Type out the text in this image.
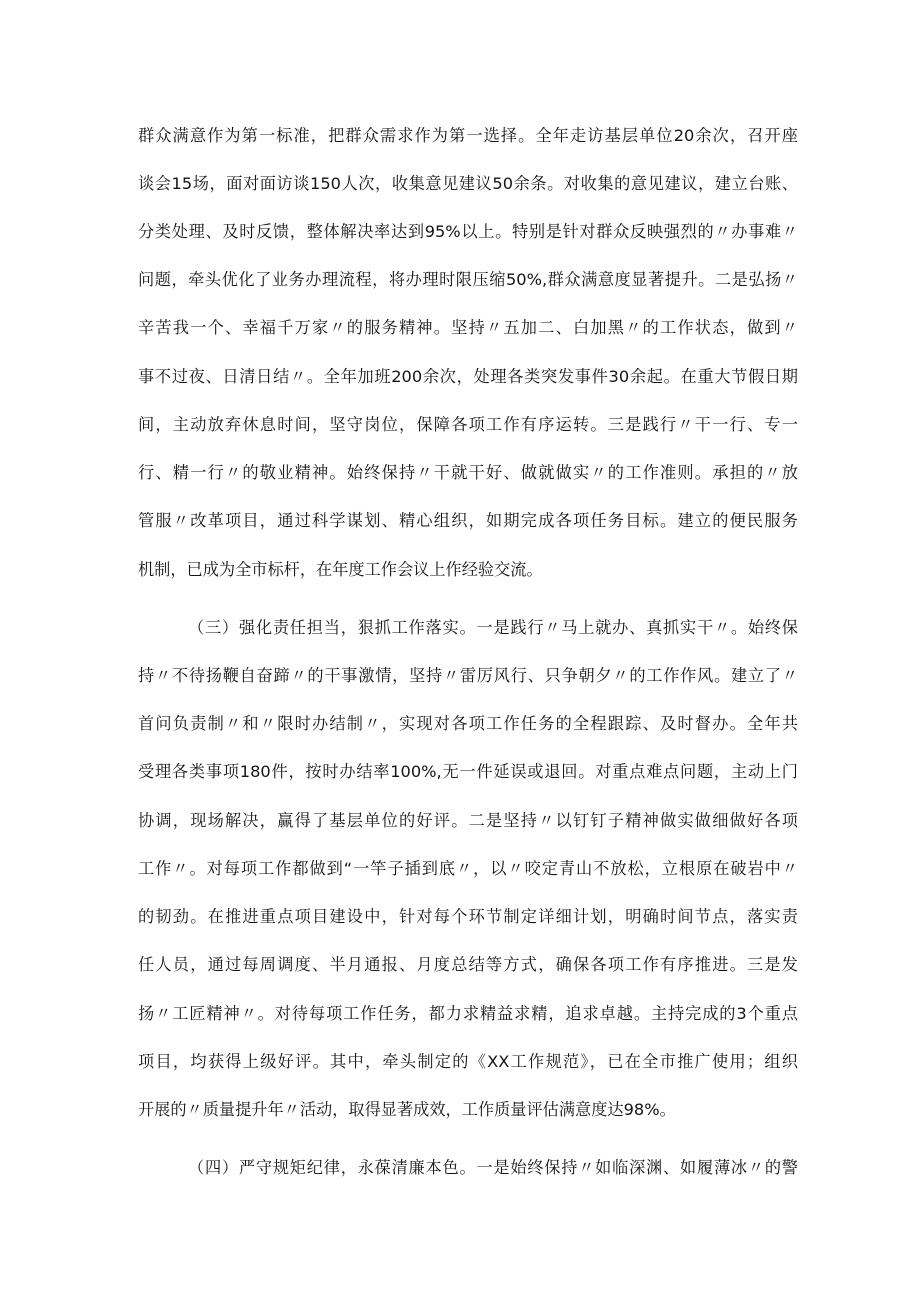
群众满意作为第一标准，把群众需求作为第一选择。全年走访基层单位20余次，召开座
谈会15场，面对面访谈150人次，收集意见建议50余条。对收集的意见建议，建立台账、
分类处理、及时反馈，整体解决率达到95%以上。特别是针对群众反映强烈的〃办事难〃
问题，牵头优化了业务办理流程，将办理时限压缩50%,群众满意度显著提升。二是弘扬〃
辛苦我一个、幸福千万家〃的服务精神。坚持〃五加二、白加黑〃的工作状态，做到〃
事不过夜、日清日结〃。全年加班200余次，处理各类突发事件30余起。在重大节假日期
间，主动放弃休息时间，坚守岗位，保障各项工作有序运转。三是践行〃干一行、专一
行、精一行〃的敬业精神。始终保持〃干就干好、做就做实〃的工作准则。承担的〃放
管服〃改革项目，通过科学谋划、精心组织，如期完成各项任务目标。建立的便民服务
机制，已成为全市标杆，在年度工作会议上作经验交流。
（三）强化责任担当，狠抓工作落实。一是践行〃马上就办、真抓实干〃。始终保
持〃不待扬鞭自奋蹄〃的干事激情，坚持〃雷厉风行、只争朝夕〃的工作作风。建立了〃
首问负责制〃和〃限时办结制〃，实现对各项工作任务的全程跟踪、及时督办。全年共
受理各类事项180件，按时办结率100%,无一件延误或退回。对重点难点问题，主动上门
协调，现场解决，赢得了基层单位的好评。二是坚持〃以钉钉子精神做实做细做好各项
工作〃。对每项工作都做到“一竿子插到底〃，以〃咬定青山不放松，立根原在破岩中〃
的韧劲。在推进重点项目建设中，针对每个环节制定详细计划，明确时间节点，落实责
任人员，通过每周调度、半月通报、月度总结等方式，确保各项工作有序推进。三是发
扬〃工匠精神〃。对待每项工作任务，都力求精益求精，追求卓越。主持完成的3个重点
项目，均获得上级好评。其中，牵头制定的《XX工作规范》，已在全市推广使用；组织
开展的〃质量提升年〃活动，取得显著成效，工作质量评估满意度达98%。
（四）严守规矩纪律，永葆清廉本色。一是始终保持〃如临深渊、如履薄冰〃的警
